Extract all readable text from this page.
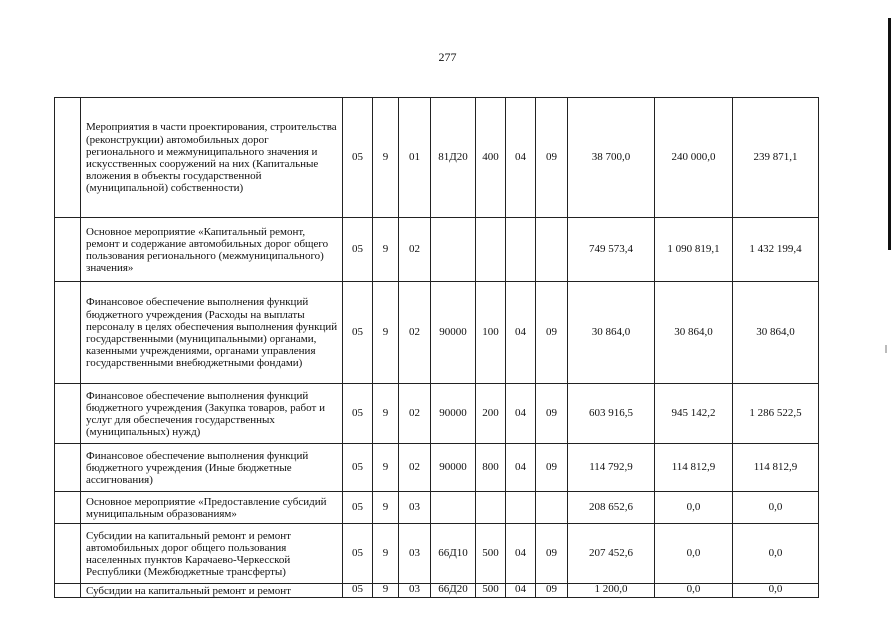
277
	Мероприятия в части проектирования, строительства (реконструкции) автомобильных дорог регионального и межмуниципального значения и искусственных сооружений на них (Капитальные вложения в объекты государственной (муниципальной) собственности)	05	9	01	81Д20	400	04	09	38 700,0	240 000,0	239 871,1
	Основное мероприятие «Капитальный ремонт, ремонт и содержание автомобильных дорог общего пользования регионального (межмуниципального) значения»	05	9	02					749 573,4	1 090 819,1	1 432 199,4
	Финансовое обеспечение выполнения функций бюджетного учреждения (Расходы на выплаты персоналу в целях обеспечения выполнения функций государственными (муниципальными) органами, казенными учреждениями, органами управления государственными внебюджетными фондами)	05	9	02	90000	100	04	09	30 864,0	30 864,0	30 864,0
	Финансовое обеспечение выполнения функций бюджетного учреждения (Закупка товаров, работ и услуг для обеспечения государственных (муниципальных) нужд)	05	9	02	90000	200	04	09	603 916,5	945 142,2	1 286 522,5
	Финансовое обеспечение выполнения функций бюджетного учреждения (Иные бюджетные ассигнования)	05	9	02	90000	800	04	09	114 792,9	114 812,9	114 812,9
	Основное мероприятие «Предоставление субсидий муниципальным образованиям»	05	9	03					208 652,6	0,0	0,0
	Субсидии на капитальный ремонт и ремонт автомобильных дорог общего пользования населенных пунктов Карачаево-Черкесской Республики (Межбюджетные трансферты)	05	9	03	66Д10	500	04	09	207 452,6	0,0	0,0
	Субсидии на капитальный ремонт и ремонт	05	9	03	66Д20	500	04	09	1 200,0	0,0	0,0
